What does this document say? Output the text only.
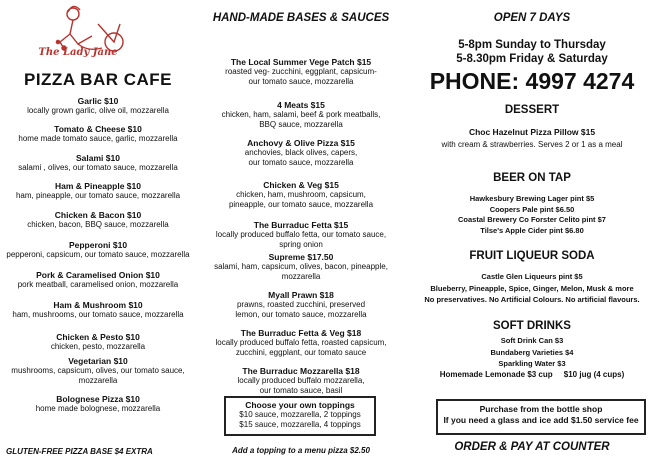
The Lady Jane
PIZZA BAR CAFE
Garlic $10
locally grown garlic, olive oil, mozzarella
Tomato & Cheese $10
home made tomato sauce, garlic, mozzarella
Salami $10
salami , olives, our tomato sauce, mozzarella
Ham & Pineapple $10
ham, pineapple, our tomato sauce, mozzarella
Chicken & Bacon $10
chicken, bacon, BBQ sauce, mozzarella
Pepperoni $10
pepperoni, capsicum, our tomato sauce, mozzarella
Pork & Caramelised Onion $10
pork meatball, caramelised onion, mozzarella
Ham & Mushroom $10
ham, mushrooms, our tomato sauce, mozzarella
Chicken & Pesto $10
chicken, pesto, mozzarella
Vegetarian $10
mushrooms, capsicum, olives, our tomato sauce,
mozzarella
Bolognese Pizza $10
home made bolognese, mozzarella
GLUTEN-FREE PIZZA BASE $4 EXTRA
HAND-MADE BASES & SAUCES
The Local Summer Vege Patch $15
roasted veg- zucchini, eggplant, capsicum-
our tomato sauce, mozzarella
4 Meats $15
chicken, ham, salami, beef & pork meatballs,
BBQ sauce, mozzarella
Anchovy & Olive Pizza $15
anchovies, black olives, capers,
our tomato sauce, mozzarella
Chicken & Veg $15
chicken, ham, mushroom, capsicum,
pineapple, our tomato sauce, mozzarella
The Burraduc Fetta $15
locally produced buffalo fetta, our tomato sauce,
spring onion
Supreme $17.50
salami, ham, capsicum, olives, bacon, pineapple,
mozzarella
Myall Prawn $18
prawns, roasted zucchini, preserved
lemon, our tomato sauce, mozzarella
The Burraduc Fetta & Veg $18
locally produced buffalo fetta, roasted capsicum,
zucchini, eggplant, our tomato sauce
The Burraduc Mozzarella $18
locally produced buffalo mozzarella,
our tomato sauce, basil
Choose your own toppings
$10 sauce, mozzarella, 2 toppings
$15 sauce, mozzarella, 4 toppings
Add a topping to a menu pizza $2.50
OPEN 7 DAYS
5-8pm Sunday to Thursday
5-8.30pm Friday & Saturday
PHONE: 4997 4274
DESSERT
Choc Hazelnut Pizza Pillow $15
with cream & strawberries. Serves 2 or 1 as a meal
BEER ON TAP
Hawkesbury Brewing Lager pint $5
Coopers Pale pint $6.50
Coastal Brewery Co Forster Celito pint $7
Tilse's Apple Cider pint $6.80
FRUIT LIQUEUR SODA
Castle Glen Liqueurs pint $5
Blueberry, Pineapple, Spice, Ginger, Melon, Musk & more
No preservatives. No Artificial Colours. No artificial flavours.
SOFT DRINKS
Soft Drink Can $3
Bundaberg Varieties $4
Sparkling Water $3
Homemade Lemonade $3 cup $10 jug (4 cups)
Purchase from the bottle shop
If you need a glass and ice add $1.50 service fee
ORDER & PAY AT COUNTER
